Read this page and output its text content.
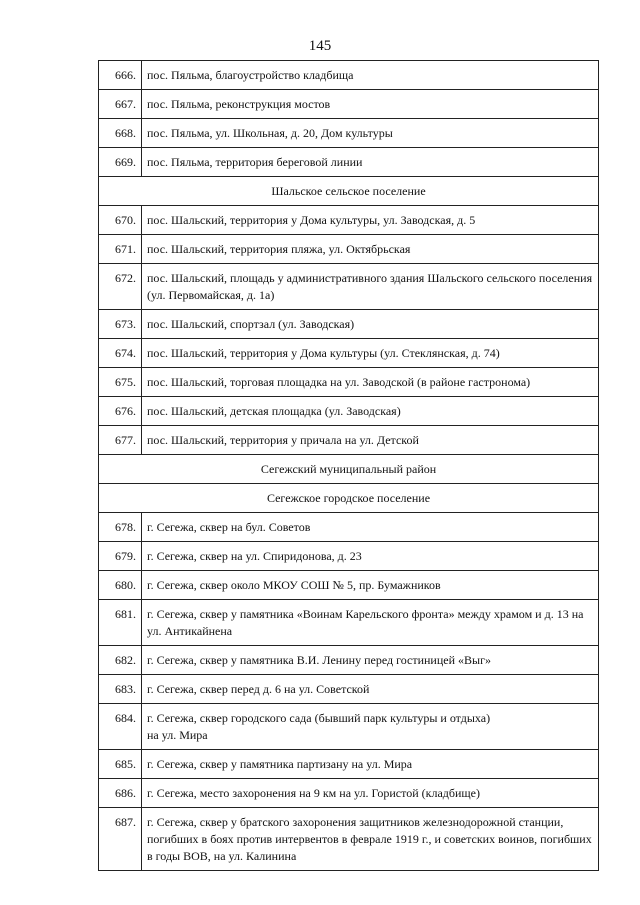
145
666.	пос. Пяльма, благоустройство кладбища
667.	пос. Пяльма, реконструкция мостов
668.	пос. Пяльма, ул. Школьная, д. 20, Дом культуры
669.	пос. Пяльма, территория береговой линии
Шальское сельское поселение	
670.	пос. Шальский, территория у Дома культуры, ул. Заводская, д. 5
671.	пос. Шальский, территория пляжа, ул. Октябрьская
672.	пос. Шальский, площадь у административного здания Шальского сельского поселения (ул. Первомайская, д. 1а)
673.	пос. Шальский, спортзал (ул. Заводская)
674.	пос. Шальский, территория у Дома культуры (ул. Стеклянская, д. 74)
675.	пос. Шальский, торговая площадка на ул. Заводской (в районе гастронома)
676.	пос. Шальский, детская площадка (ул. Заводская)
677.	пос. Шальский, территория у причала на ул. Детской
Сегежский муниципальный район	
Сегежское городское поселение	
678.	г. Сегежа, сквер на бул. Советов
679.	г. Сегежа, сквер на ул. Спиридонова, д. 23
680.	г. Сегежа, сквер около МКОУ СОШ № 5, пр. Бумажников
681.	г. Сегежа, сквер у памятника «Воинам Карельского фронта» между храмом и д. 13 на ул. Антикайнена
682.	г. Сегежа, сквер у памятника В.И. Ленину перед гостиницей «Выг»
683.	г. Сегежа, сквер перед д. 6 на ул. Советской
684.	г. Сегежа, сквер городского сада (бывший парк культуры и отдыха)
на ул. Мира
685.	г. Сегежа, сквер у памятника партизану на ул. Мира
686.	г. Сегежа, место захоронения на 9 км на ул. Гористой (кладбище)
687.	г. Сегежа, сквер у братского захоронения защитников железнодорожной станции, погибших в боях против интервентов в феврале 1919 г., и советских воинов, погибших в годы ВОВ, на ул. Калинина
